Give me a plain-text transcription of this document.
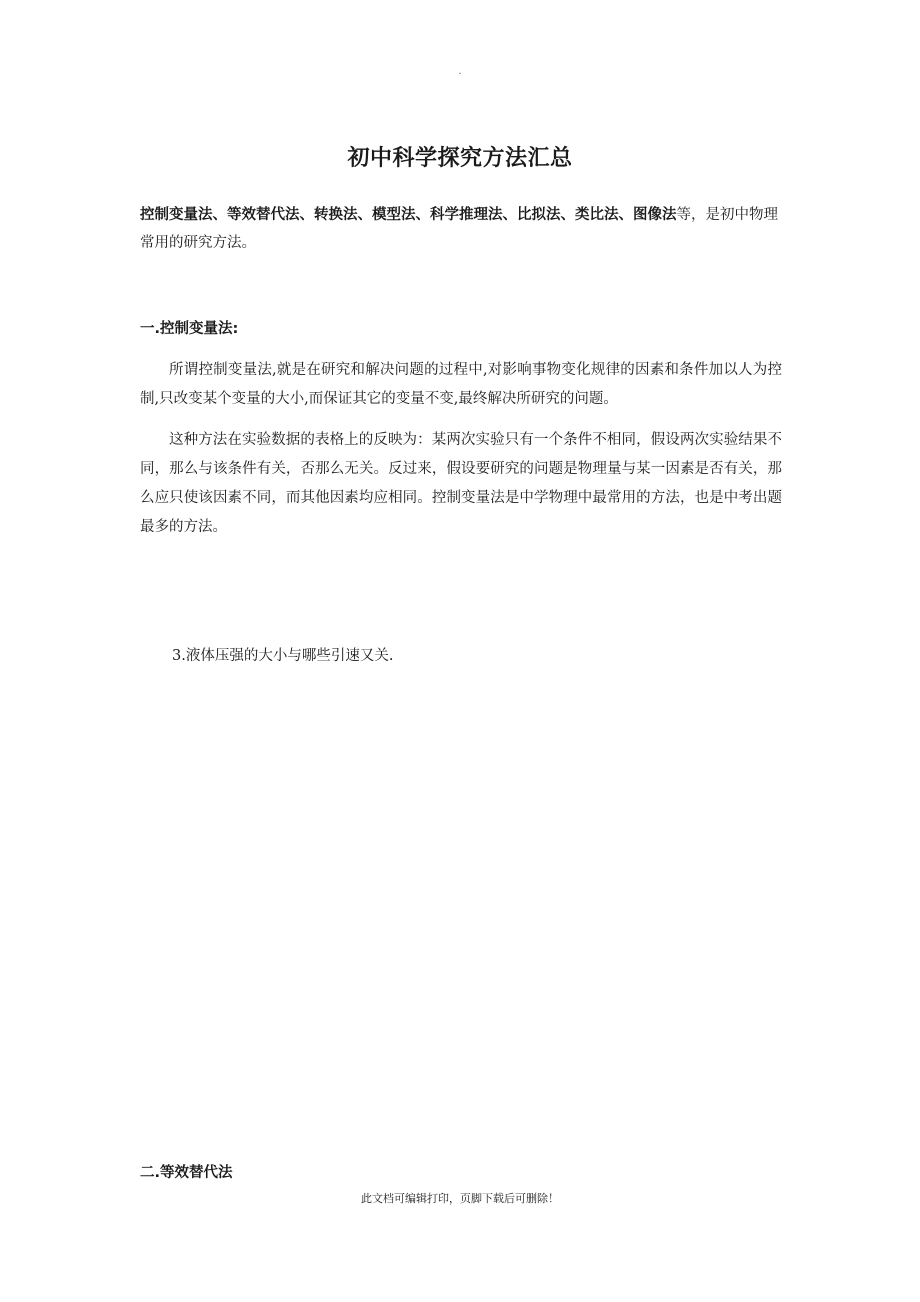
.
初中科学探究方法汇总
控制变量法、等效替代法、转换法、模型法、科学推理法、比拟法、类比法、图像法等，是初中物理常用的研究方法。
一.控制变量法:
所谓控制变量法,就是在研究和解决问题的过程中,对影响事物变化规律的因素和条件加以人为控制,只改变某个变量的大小,而保证其它的变量不变,最终解决所研究的问题。
这种方法在实验数据的表格上的反映为：某两次实验只有一个条件不相同，假设两次实验结果不同，那么与该条件有关，否那么无关。反过来，假设要研究的问题是物理量与某一因素是否有关，那么应只使该因素不同，而其他因素均应相同。控制变量法是中学物理中最常用的方法，也是中考出题最多的方法。
3.液体压强的大小与哪些引速又关.
二.等效替代法
此文档可编辑打印，页脚下载后可删除！
